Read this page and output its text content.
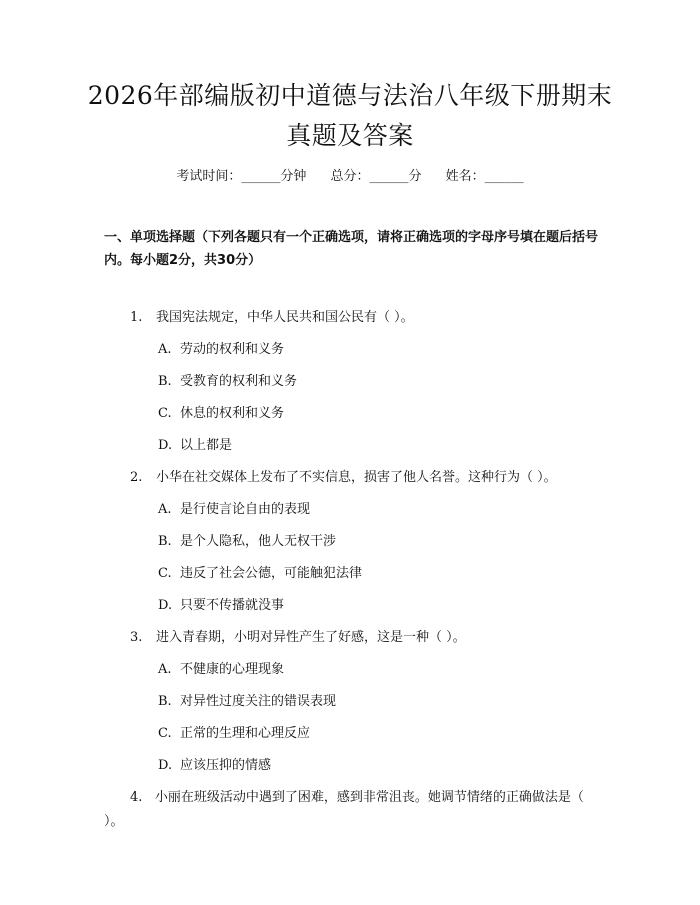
2026年部编版初中道德与法治八年级下册期末真题及答案
考试时间：______分钟 总分：______分 姓名：______
一、单项选择题（下列各题只有一个正确选项，请将正确选项的字母序号填在题后括号内。每小题2分，共30分）
1. 我国宪法规定，中华人民共和国公民有（ ）。
A. 劳动的权利和义务
B. 受教育的权利和义务
C. 休息的权利和义务
D. 以上都是
2. 小华在社交媒体上发布了不实信息，损害了他人名誉。这种行为（ ）。
A. 是行使言论自由的表现
B. 是个人隐私，他人无权干涉
C. 违反了社会公德，可能触犯法律
D. 只要不传播就没事
3. 进入青春期，小明对异性产生了好感，这是一种（ ）。
A. 不健康的心理现象
B. 对异性过度关注的错误表现
C. 正常的生理和心理反应
D. 应该压抑的情感
4. 小丽在班级活动中遇到了困难，感到非常沮丧。她调节情绪的正确做法是（ ）。
